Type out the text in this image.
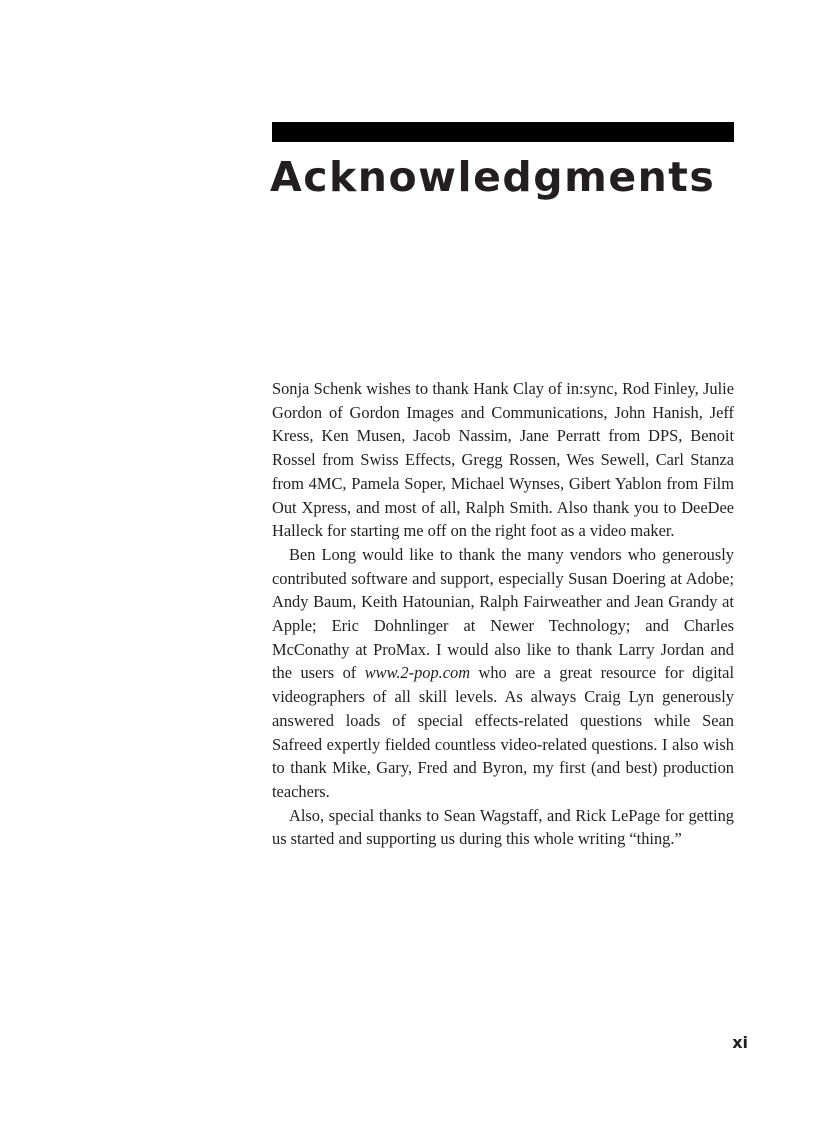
Acknowledgments

Sonja Schenk wishes to thank Hank Clay of in:sync, Rod Finley, Julie Gordon of Gordon Images and Communications, John Hanish, Jeff Kress, Ken Musen, Jacob Nassim, Jane Perratt from DPS, Benoit Rossel from Swiss Effects, Gregg Rossen, Wes Sewell, Carl Stanza from 4MC, Pamela Soper, Michael Wynses, Gibert Yablon from Film Out Xpress, and most of all, Ralph Smith. Also thank you to DeeDee Halleck for starting me off on the right foot as a video maker.

Ben Long would like to thank the many vendors who generously contributed software and support, especially Susan Doering at Adobe; Andy Baum, Keith Hatounian, Ralph Fairweather and Jean Grandy at Apple; Eric Dohnlinger at Newer Technology; and Charles McConathy at ProMax. I would also like to thank Larry Jordan and the users of www.2-pop.com who are a great resource for digital videographers of all skill levels. As always Craig Lyn generously answered loads of special effects-related questions while Sean Safreed expertly fielded countless video-related questions. I also wish to thank Mike, Gary, Fred and Byron, my first (and best) production teachers.

Also, special thanks to Sean Wagstaff, and Rick LePage for getting us started and supporting us during this whole writing “thing.”

xi
